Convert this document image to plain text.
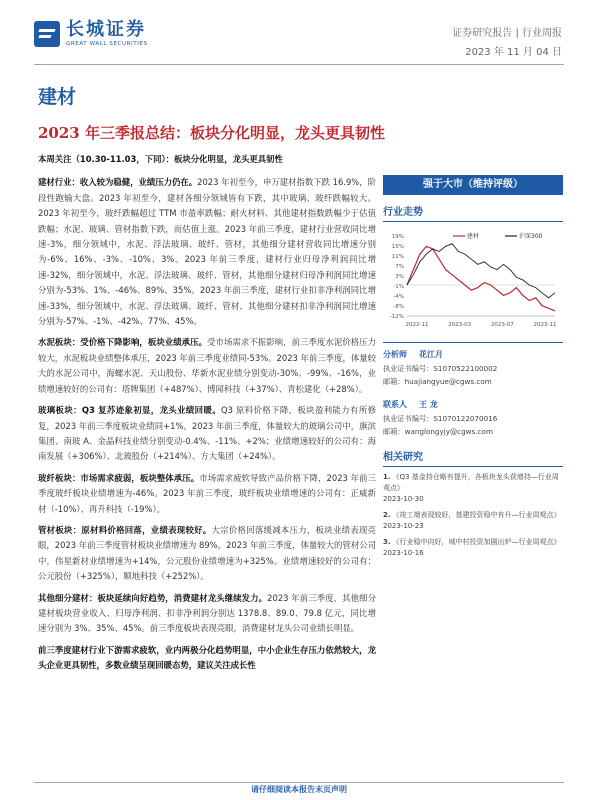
长城证券
GREAT WALL SECURITIES
证券研究报告 | 行业周报
2023 年 11 月 04 日
建材
2023 年三季报总结：板块分化明显，龙头更具韧性

本周关注（10.30-11.03，下同）：板块分化明显，龙头更具韧性

建材行业：收入较为稳健，业绩压力仍在。2023 年初至今，申万建材指数下跌 16.9%，阶段性跑输大盘。2023 年初至今，建材各细分领域皆有下跌，其中玻璃、玻纤跌幅较大。2023 年初至今，玻纤跌幅超过 TTM 市盈率跌幅；耐火材料、其他建材指数跌幅少于估值跌幅；水泥、玻璃、管材指数下跌，而估值上涨。2023 年前三季度，建材行业营收同比增速-3%，细分领域中，水泥、浮法玻璃、玻纤、管材，其他细分建材营收同比增速分别为-6%、16%、-3%、-10%、3%。2023 年前三季度，建材行业归母净利润同比增速-32%，细分领域中，水泥、浮法玻璃、玻纤、管材，其他细分建材归母净利润同比增速分别为-53%、1%、-46%、89%、35%。2023 年前三季度，建材行业扣非净利润同比增速-33%，细分领域中，水泥、浮法玻璃、玻纤、管材、其他细分建材扣非净利润同比增速分别为-57%、-1%、-42%、77%、45%。

水泥板块：受价格下降影响，板块业绩承压。受市场需求不振影响，前三季度水泥价格压力较大，水泥板块业绩整体承压，2023 年前三季度业绩同-53%。2023 年前三季度，体量较大的水泥公司中，海螺水泥、天山股份、华新水泥业绩分别变动-30%、-99%、-16%，业绩增速较好的公司有：塔牌集团（+487%）、博闻科技（+37%）、青松建化（+28%）。

玻璃板块：Q3 复苏迹象初显，龙头业绩回暖。Q3 原料价格下降，板块盈利能力有所修复，2023 年前三季度板块业绩同+1%。2023 年前三季度，体量较大的玻璃公司中，旗滨集团、南玻 A、金晶科技业绩分别变动-0.4%、-11%、+2%；业绩增速较好的公司有：海南发展（+306%）、北玻股份（+214%）、方大集团（+24%）。

玻纤板块：市场需求疲弱，板块整体承压。市场需求疲软导致产品价格下降，2023 年前三季度玻纤板块业绩增速为-46%。2023 年前三季度，玻纤板块业绩增速的公司有：正威新材（-10%）、再升科技（-19%）。

管材板块：原材料价格回落，业绩表现较好。大宗价格回落缓减本压力，板块业绩表现亮眼，2023 年前三季度管材板块业绩增速为 89%。2023 年前三季度，体量较大的管材公司中，伟星新材业绩增速为+14%，公元股份业绩增速为+325%。业绩增速较好的公司有：公元股份（+325%），顺地科技（+252%）。

其他细分建材：板块延续向好趋势，消费建材龙头继续发力。2023 年前三季度，其他细分建材板块营业收入、归母净利润、扣非净利润分别达 1378.8、89.0、79.8 亿元，同比增速分别为 3%、35%、45%。前三季度板块表现亮眼，消费建材龙头公司业绩长明显。

前三季度建材行业下游需求疲软，业内两极分化趋势明显，中小企业生存压力依然较大，龙头企业更具韧性，多数业绩呈现回暖态势，建议关注成长性

强于大市（维持评级）
行业走势
19%
15%
11%
7%
3%
-1%
-4%
-8%
-12%
2022-11	2023-03	2023-07	2023-11
建材	沪深300
分析师	花江月
执业证书编号：S1070522100002
邮箱：huajiangyue@cgws.com
联系人	王 龙
执业证书编号：S1070122070016
邮箱：wanglongyjy@cgws.com
相关研究
1. 《Q3 基金持仓略有提升，各板块龙头获增持—行业周观点》
2023-10-30
2. 《竣工端表现较好，基建投资稳中有升—行业周观点》
2023-10-23
3. 《行业稳中向好，城中村投资加剧出炉—行业周观点》
2023-10-16
请仔细阅读本报告末页声明
